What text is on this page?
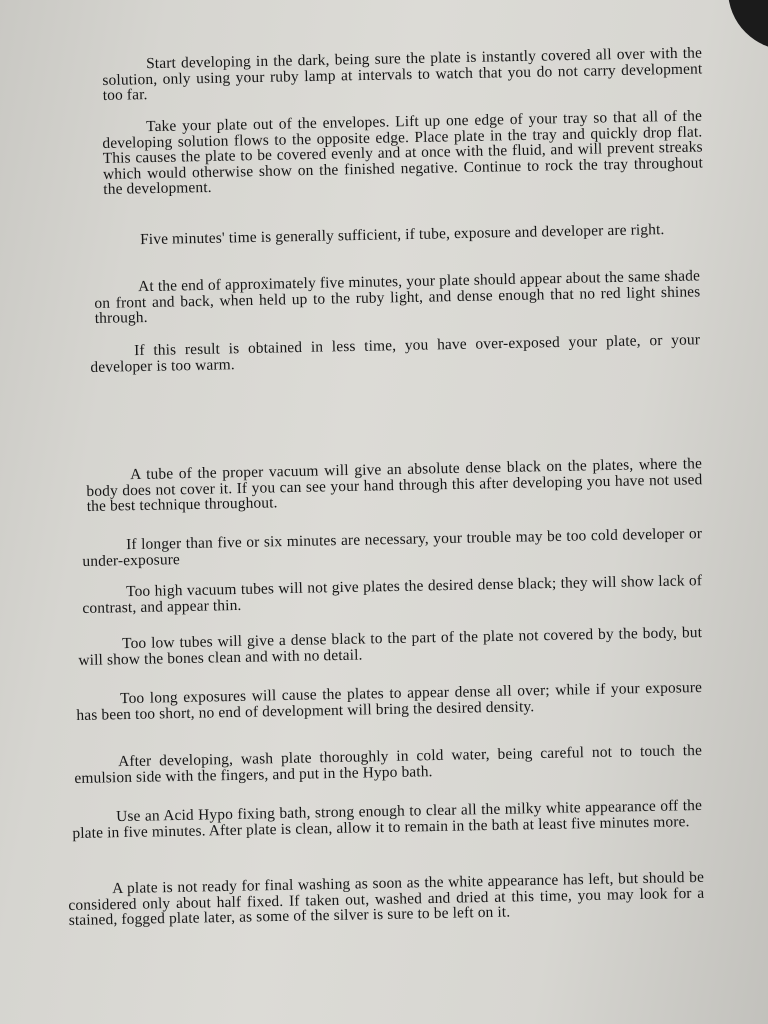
Start developing in the dark, being sure the plate is instantly covered all over with the solution, only using your ruby lamp at intervals to watch that you do not carry development too far.

Take your plate out of the envelopes. Lift up one edge of your tray so that all of the developing solution flows to the opposite edge. Place plate in the tray and quickly drop flat. This causes the plate to be covered evenly and at once with the fluid, and will prevent streaks which would otherwise show on the finished negative. Continue to rock the tray throughout the development.

Five minutes' time is generally sufficient, if tube, exposure and developer are right.

At the end of approximately five minutes, your plate should appear about the same shade on front and back, when held up to the ruby light, and dense enough that no red light shines through.

If this result is obtained in less time, you have over-exposed your plate, or your developer is too warm.

A tube of the proper vacuum will give an absolute dense black on the plates, where the body does not cover it. If you can see your hand through this after developing you have not used the best technique throughout.

If longer than five or six minutes are necessary, your trouble may be too cold developer or under-exposure

Too high vacuum tubes will not give plates the desired dense black; they will show lack of contrast, and appear thin.

Too low tubes will give a dense black to the part of the plate not covered by the body, but will show the bones clean and with no detail.

Too long exposures will cause the plates to appear dense all over; while if your exposure has been too short, no end of development will bring the desired density.

After developing, wash plate thoroughly in cold water, being careful not to touch the emulsion side with the fingers, and put in the Hypo bath.

Use an Acid Hypo fixing bath, strong enough to clear all the milky white appearance off the plate in five minutes. After plate is clean, allow it to remain in the bath at least five minutes more.

A plate is not ready for final washing as soon as the white appearance has left, but should be considered only about half fixed. If taken out, washed and dried at this time, you may look for a stained, fogged plate later, as some of the silver is sure to be left on it.
